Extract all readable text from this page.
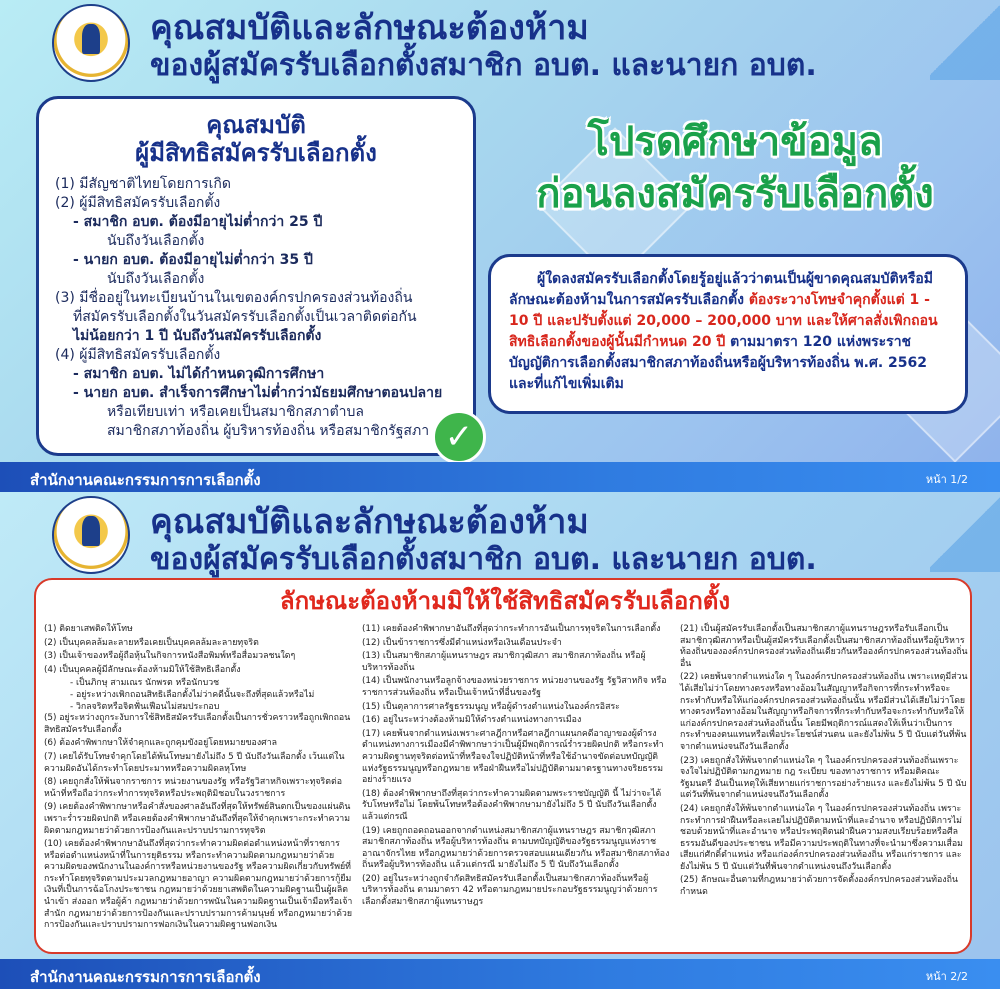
คุณสมบัติและลักษณะต้องห้าม
ของผู้สมัครรับเลือกตั้งสมาชิก อบต. และนายก อบต.
คุณสมบัติ
ผู้มีสิทธิสมัครรับเลือกตั้ง
(1) มีสัญชาติไทยโดยการเกิด
(2) ผู้มีสิทธิสมัครรับเลือกตั้ง
- สมาชิก อบต. ต้องมีอายุไม่ต่ำกว่า 25 ปี
นับถึงวันเลือกตั้ง
- นายก อบต. ต้องมีอายุไม่ต่ำกว่า 35 ปี
นับถึงวันเลือกตั้ง
(3) มีชื่ออยู่ในทะเบียนบ้านในเขตองค์กรปกครองส่วนท้องถิ่น
ที่สมัครรับเลือกตั้งในวันสมัครรับเลือกตั้งเป็นเวลาติดต่อกัน
ไม่น้อยกว่า 1 ปี นับถึงวันสมัครรับเลือกตั้ง
(4) ผู้มีสิทธิสมัครรับเลือกตั้ง
- สมาชิก อบต. ไม่ได้กำหนดวุฒิการศึกษา
- นายก อบต. สำเร็จการศึกษาไม่ต่ำกว่ามัธยมศึกษาตอนปลาย
หรือเทียบเท่า หรือเคยเป็นสมาชิกสภาตำบล
สมาชิกสภาท้องถิ่น ผู้บริหารท้องถิ่น หรือสมาชิกรัฐสภา ✓
โปรดศึกษาข้อมูล
ก่อนลงสมัครรับเลือกตั้ง
ผู้ใดลงสมัครรับเลือกตั้งโดยรู้อยู่แล้วว่าตนเป็นผู้ขาดคุณสมบัติหรือมีลักษณะต้องห้ามในการสมัครรับเลือกตั้ง ต้องระวางโทษจำคุกตั้งแต่ 1 - 10 ปี และปรับตั้งแต่ 20,000 – 200,000 บาท และให้ศาลสั่งเพิกถอนสิทธิเลือกตั้งของผู้นั้นมีกำหนด 20 ปี ตามมาตรา 120 แห่งพระราชบัญญัติการเลือกตั้งสมาชิกสภาท้องถิ่นหรือผู้บริหารท้องถิ่น พ.ศ. 2562 และที่แก้ไขเพิ่มเติม
สำนักงานคณะกรรมการการเลือกตั้ง	หน้า 1/2
คุณสมบัติและลักษณะต้องห้าม
ของผู้สมัครรับเลือกตั้งสมาชิก อบต. และนายก อบต.
ลักษณะต้องห้ามมิให้ใช้สิทธิสมัครรับเลือกตั้ง
(1) ติดยาเสพติดให้โทษ
(2) เป็นบุคคลล้มละลายหรือเคยเป็นบุคคลล้มละลายทุจริต
(3) เป็นเจ้าของหรือผู้ถือหุ้นในกิจการหนังสือพิมพ์หรือสื่อมวลชนใดๆ
(4) เป็นบุคคลผู้มีลักษณะต้องห้ามมิให้ใช้สิทธิเลือกตั้ง
- เป็นภิกษุ สามเณร นักพรต หรือนักบวช
- อยู่ระหว่างเพิกถอนสิทธิเลือกตั้งไม่ว่าคดีนั้นจะถึงที่สุดแล้วหรือไม่
- วิกลจริตหรือจิตฟั่นเฟือนไม่สมประกอบ
(5) อยู่ระหว่างถูกระงับการใช้สิทธิสมัครรับเลือกตั้งเป็นการชั่วคราวหรือถูกเพิกถอนสิทธิสมัครรับเลือกตั้ง
(6) ต้องคำพิพากษาให้จำคุกและถูกคุมขังอยู่โดยหมายของศาล
(7) เคยได้รับโทษจำคุกโดยได้พ้นโทษมายังไม่ถึง 5 ปี นับถึงวันเลือกตั้ง เว้นแต่ในความผิดอันได้กระทำโดยประมาทหรือความผิดลหุโทษ
(8) เคยถูกสั่งให้พ้นจากราชการ หน่วยงานของรัฐ หรือรัฐวิสาหกิจเพราะทุจริตต่อหน้าที่หรือถือว่ากระทำการทุจริตหรือประพฤติมิชอบในวงราชการ
(9) เคยต้องคำพิพากษาหรือคำสั่งของศาลอันถึงที่สุดให้ทรัพย์สินตกเป็นของแผ่นดินเพราะร่ำรวยผิดปกติ หรือเคยต้องคำพิพากษาอันถึงที่สุดให้จำคุกเพราะกระทำความผิดตามกฎหมายว่าด้วยการป้องกันและปราบปรามการทุจริต
(10) เคยต้องคำพิพากษาอันถึงที่สุดว่ากระทำความผิดต่อตำแหน่งหน้าที่ราชการหรือต่อตำแหน่งหน้าที่ในการยุติธรรม หรือกระทำความผิดตามกฎหมายว่าด้วยความผิดของพนักงานในองค์การหรือหน่วยงานของรัฐ หรือความผิดเกี่ยวกับทรัพย์ที่กระทำโดยทุจริตตามประมวลกฎหมายอาญา ความผิดตามกฎหมายว่าด้วยการกู้ยืมเงินที่เป็นการฉ้อโกงประชาชน กฎหมายว่าด้วยยาเสพติดในความผิดฐานเป็นผู้ผลิต นำเข้า ส่งออก หรือผู้ค้า กฎหมายว่าด้วยการพนันในความผิดฐานเป็นเจ้ามือหรือเจ้าสำนัก กฎหมายว่าด้วยการป้องกันและปราบปรามการค้ามนุษย์ หรือกฎหมายว่าด้วยการป้องกันและปราบปรามการฟอกเงินในความผิดฐานฟอกเงิน
(11) เคยต้องคำพิพากษาอันถึงที่สุดว่ากระทำการอันเป็นการทุจริตในการเลือกตั้ง
(12) เป็นข้าราชการซึ่งมีตำแหน่งหรือเงินเดือนประจำ
(13) เป็นสมาชิกสภาผู้แทนราษฎร สมาชิกวุฒิสภา สมาชิกสภาท้องถิ่น หรือผู้บริหารท้องถิ่น
(14) เป็นพนักงานหรือลูกจ้างของหน่วยราชการ หน่วยงานของรัฐ รัฐวิสาหกิจ หรือราชการส่วนท้องถิ่น หรือเป็นเจ้าหน้าที่อื่นของรัฐ
(15) เป็นตุลาการศาลรัฐธรรมนูญ หรือผู้ดำรงตำแหน่งในองค์กรอิสระ
(16) อยู่ในระหว่างต้องห้ามมิให้ดำรงตำแหน่งทางการเมือง
(17) เคยพ้นจากตำแหน่งเพราะศาลฎีกาหรือศาลฎีกาแผนกคดีอาญาของผู้ดำรงตำแหน่งทางการเมืองมีคำพิพากษาว่าเป็นผู้มีพฤติการณ์ร่ำรวยผิดปกติ หรือกระทำความผิดฐานทุจริตต่อหน้าที่หรือจงใจปฏิบัติหน้าที่หรือใช้อำนาจขัดต่อบทบัญญัติแห่งรัฐธรรมนูญหรือกฎหมาย หรือฝ่าฝืนหรือไม่ปฏิบัติตามมาตรฐานทางจริยธรรมอย่างร้ายแรง
(18) ต้องคำพิพากษาถึงที่สุดว่ากระทำความผิดตามพระราชบัญญัติ นี้ ไม่ว่าจะได้รับโทษหรือไม่ โดยพ้นโทษหรือต้องคำพิพากษามายังไม่ถึง 5 ปี นับถึงวันเลือกตั้ง แล้วแต่กรณี
(19) เคยถูกถอดถอนออกจากตำแหน่งสมาชิกสภาผู้แทนราษฎร สมาชิกวุฒิสภา สมาชิกสภาท้องถิ่น หรือผู้บริหารท้องถิ่น ตามบทบัญญัติของรัฐธรรมนูญแห่งราชอาณาจักรไทย หรือกฎหมายว่าด้วยการตรวจสอบแผนเดียวกัน หรือสมาชิกสภาท้องถิ่นหรือผู้บริหารท้องถิ่น แล้วแต่กรณี มายังไม่ถึง 5 ปี นับถึงวันเลือกตั้ง
(20) อยู่ในระหว่างถูกจำกัดสิทธิสมัครรับเลือกตั้งเป็นสมาชิกสภาท้องถิ่นหรือผู้บริหารท้องถิ่น ตามมาตรา 42 หรือตามกฎหมายประกอบรัฐธรรมนูญว่าด้วยการเลือกตั้งสมาชิกสภาผู้แทนราษฎร
(21) เป็นผู้สมัครรับเลือกตั้งเป็นสมาชิกสภาผู้แทนราษฎรหรือรับเลือกเป็นสมาชิกวุฒิสภาหรือเป็นผู้สมัครรับเลือกตั้งเป็นสมาชิกสภาท้องถิ่นหรือผู้บริหารท้องถิ่นขององค์กรปกครองส่วนท้องถิ่นเดียวกันหรือองค์กรปกครองส่วนท้องถิ่นอื่น
(22) เคยพ้นจากตำแหน่งใด ๆ ในองค์กรปกครองส่วนท้องถิ่น เพราะเหตุมีส่วนได้เสียไม่ว่าโดยทางตรงหรือทางอ้อมในสัญญาหรือกิจการที่กระทำหรือจะกระทำกับหรือให้แก่องค์กรปกครองส่วนท้องถิ่นนั้น หรือมีส่วนได้เสียไม่ว่าโดยทางตรงหรือทางอ้อมในสัญญาหรือกิจการที่กระทำกับหรือจะกระทำกับหรือให้แก่องค์กรปกครองส่วนท้องถิ่นนั้น โดยมีพฤติการณ์แสดงให้เห็นว่าเป็นการกระทำของตนแทนหรือเพื่อประโยชน์ส่วนตน และยังไม่พ้น 5 ปี นับแต่วันที่พ้นจากตำแหน่งจนถึงวันเลือกตั้ง
(23) เคยถูกสั่งให้พ้นจากตำแหน่งใด ๆ ในองค์กรปกครองส่วนท้องถิ่นเพราะจงใจไม่ปฏิบัติตามกฎหมาย กฎ ระเบียบ ของทางราชการ หรือมติคณะรัฐมนตรี อันเป็นเหตุให้เสียหายแก่ราชการอย่างร้ายแรง และยังไม่พ้น 5 ปี นับแต่วันที่พ้นจากตำแหน่งจนถึงวันเลือกตั้ง
(24) เคยถูกสั่งให้พ้นจากตำแหน่งใด ๆ ในองค์กรปกครองส่วนท้องถิ่น เพราะกระทำการฝ่าฝืนหรือละเลยไม่ปฏิบัติตามหน้าที่และอำนาจ หรือปฏิบัติการไม่ชอบด้วยหน้าที่และอำนาจ หรือประพฤติตนฝ่าฝืนความสงบเรียบร้อยหรือศีลธรรมอันดีของประชาชน หรือมีความประพฤติในทางที่จะนำมาซึ่งความเสื่อมเสียแก่ศักดิ์ตำแหน่ง หรือแก่องค์กรปกครองส่วนท้องถิ่น หรือแก่ราชการ และยังไม่พ้น 5 ปี นับแต่วันที่พ้นจากตำแหน่งจนถึงวันเลือกตั้ง
(25) ลักษณะอื่นตามที่กฎหมายว่าด้วยการจัดตั้งองค์กรปกครองส่วนท้องถิ่นกำหนด
สำนักงานคณะกรรมการการเลือกตั้ง	หน้า 2/2
